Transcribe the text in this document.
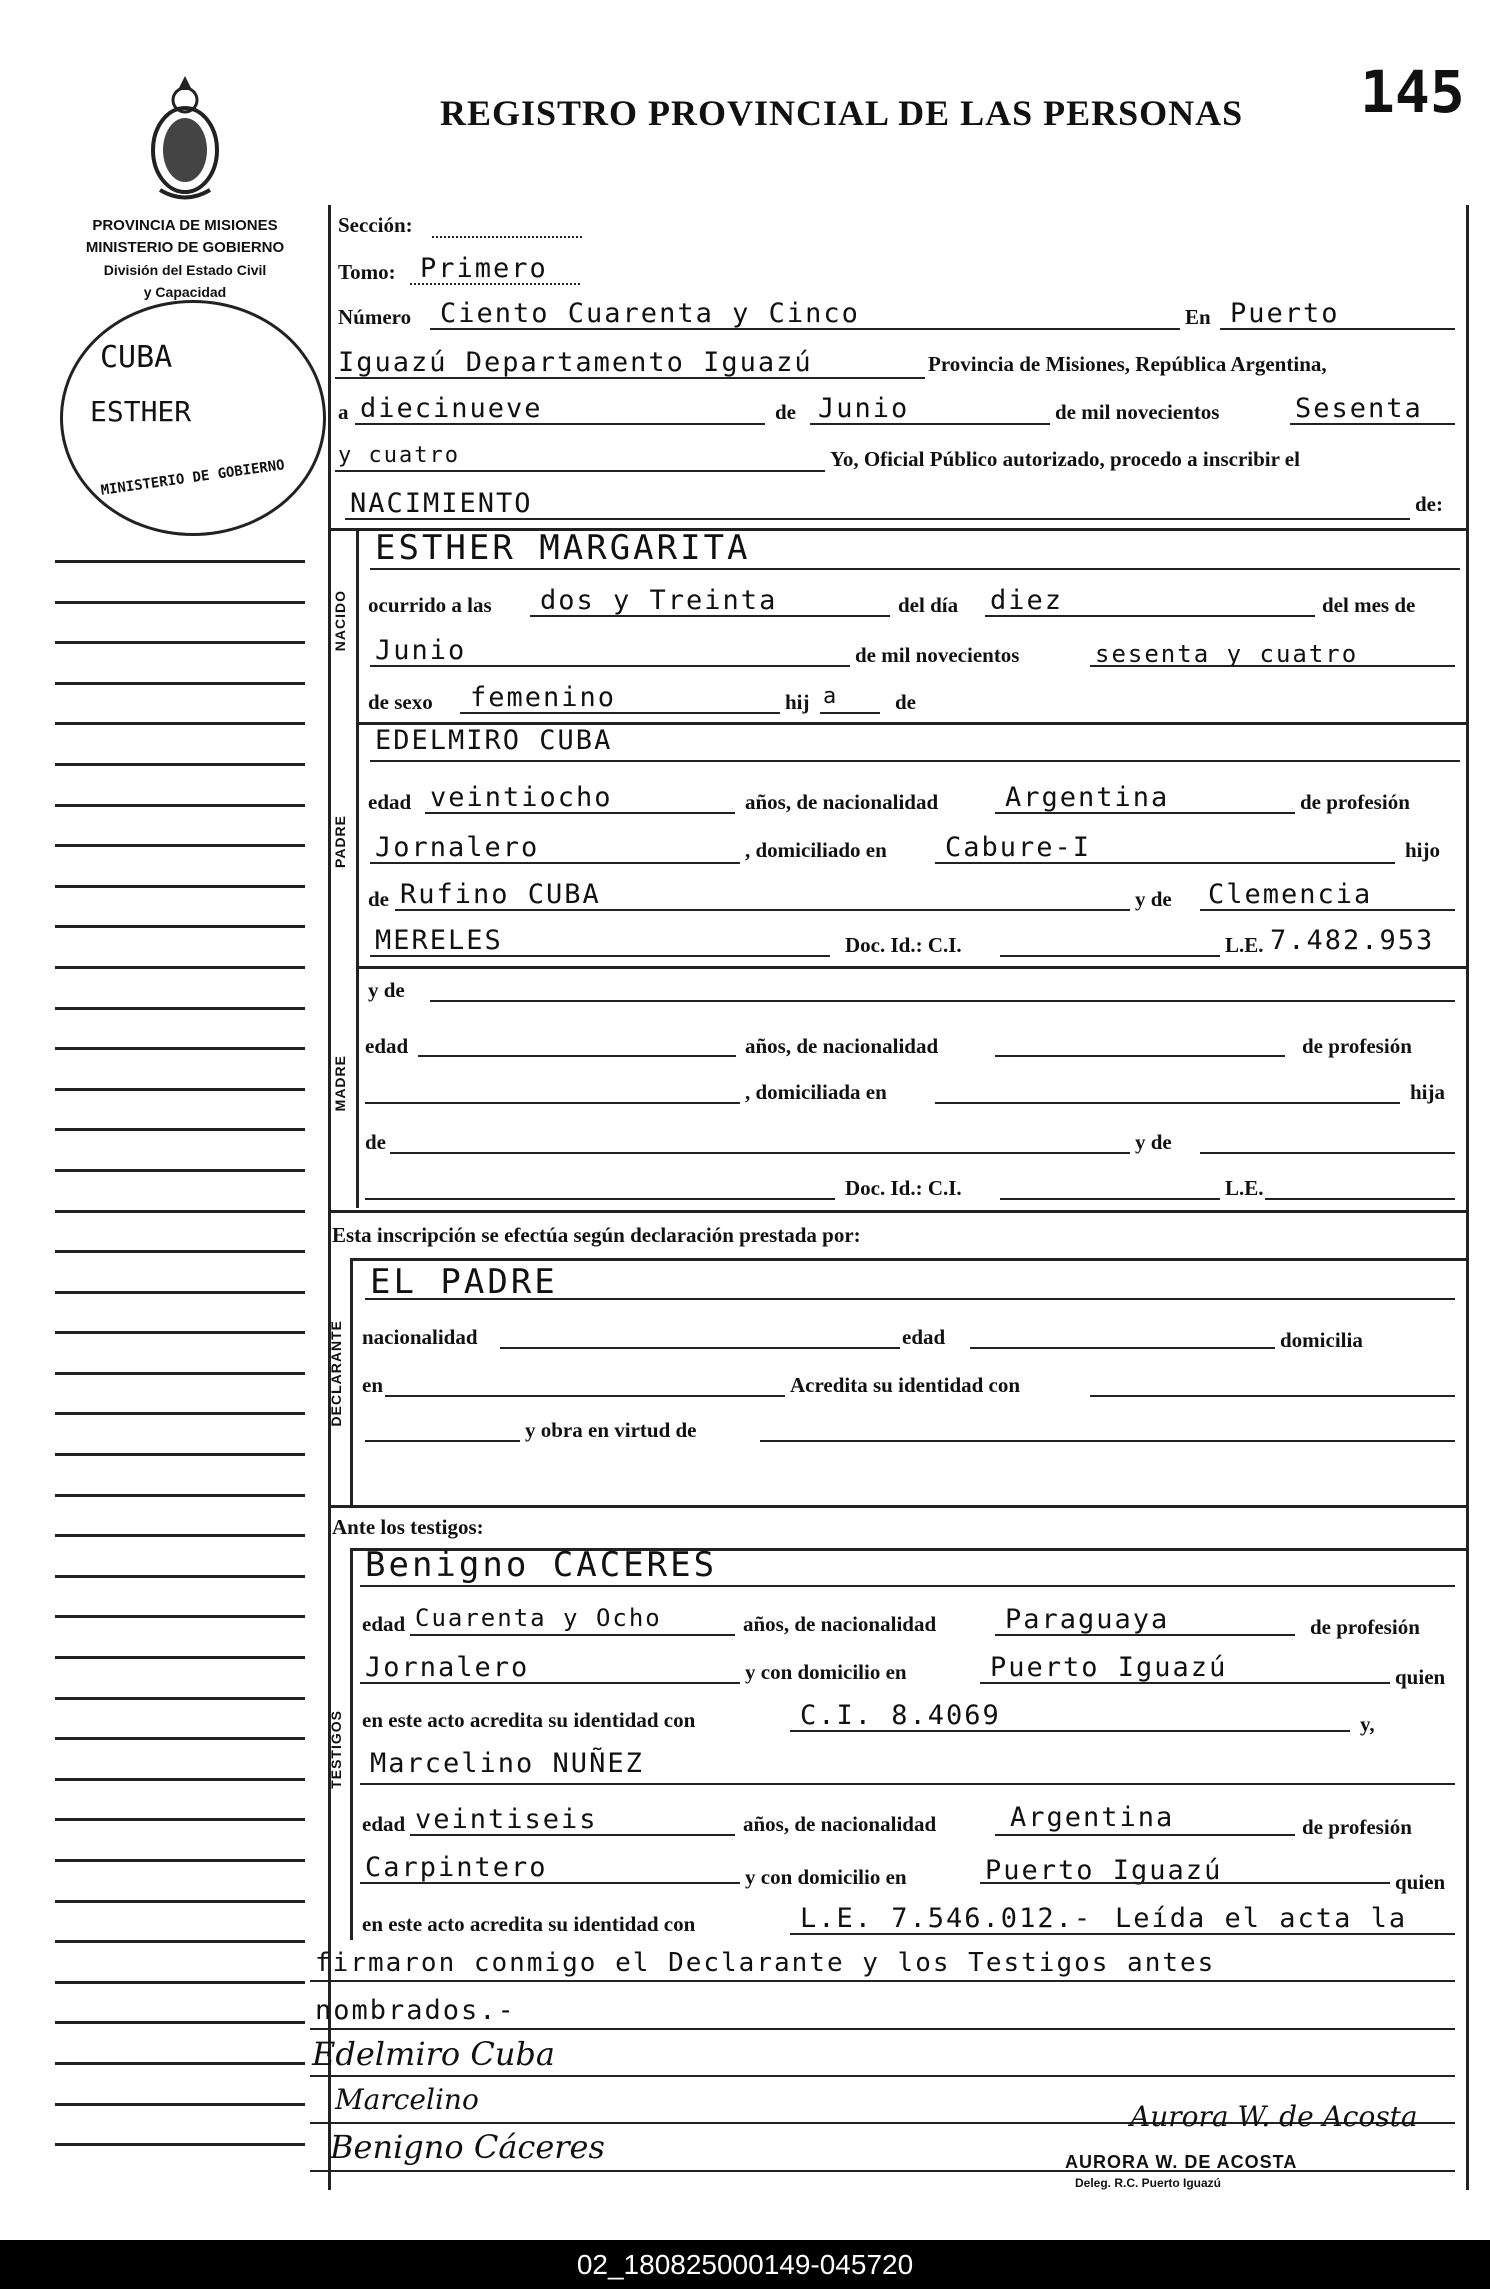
REGISTRO PROVINCIAL DE LAS PERSONAS 145
PROVINCIA DE MISIONES
MINISTERIO DE GOBIERNO
División del Estado Civil
y Capacidad
CUBA
ESTHER
MINISTERIO DE GOBIERNO
Sección:
Tomo: Primero
Número Ciento Cuarenta y Cinco	En Puerto
Iguazú Departamento Iguazú	Provincia de Misiones, República Argentina,
a diecinueve	de Junio	de mil novecientos	Sesenta
y cuatro	Yo, Oficial Público autorizado, procedo a inscribir el
NACIMIENTO	de:
NACIDO
ESTHER MARGARITA
ocurrido a las dos y Treinta	del día diez	del mes de
Junio	de mil novecientos	sesenta y cuatro
de sexo femenino	hij a	de
PADRE
EDELMIRO CUBA
edad veintiocho	años, de nacionalidad Argentina	de profesión
Jornalero	, domiciliado en Cabure-I	hijo
de Rufino CUBA	y de Clemencia
MERELES	Doc. Id.: C.I.	L.E. 7.482.953
MADRE
y de
edad	años, de nacionalidad	de profesión
, domiciliada en	hija
de	y de
Doc. Id.: C.I.	L.E.
Esta inscripción se efectúa según declaración prestada por:
DECLARANTE
EL PADRE
nacionalidad	edad	domicilia
en	Acredita su identidad con
y obra en virtud de
Ante los testigos:
TESTIGOS
Benigno CACERES
edad Cuarenta y Ocho	años, de nacionalidad	Paraguaya	de profesión
Jornalero	y con domicilio en	Puerto Iguazú	quien
en este acto acredita su identidad con	C.I. 8.4069	y,
Marcelino NUÑEZ
edad veintiseis	años, de nacionalidad	Argentina	de profesión
Carpintero	y con domicilio en	Puerto Iguazú	quien
en este acto acredita su identidad con	L.E. 7.546.012.- Leída el acta la
firmaron conmigo el Declarante y los Testigos antes
nombrados.-
Edelmiro Cuba
Marcelino
Benigno Cáceres
Aurora W. de Acosta
AURORA W. DE ACOSTA
Deleg. R.C. Puerto Iguazú
02_180825000149-045720
